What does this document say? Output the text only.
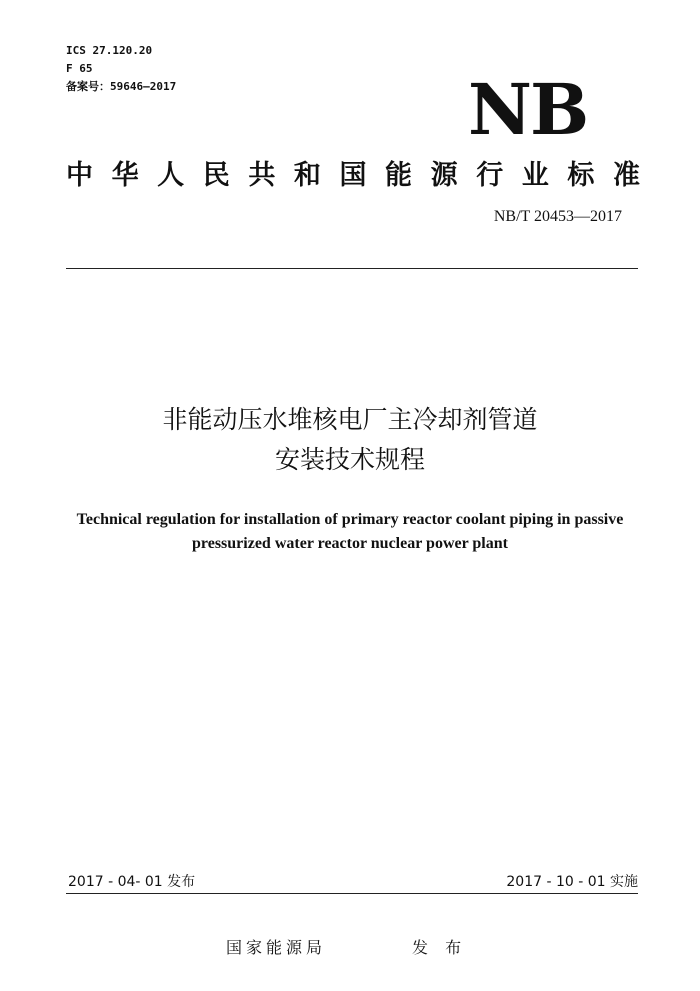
ICS 27.120.20
F 65
备案号：59646—2017	NB
中 华 人 民 共 和 国 能 源 行 业 标 准
NB/T 20453—2017
非能动压水堆核电厂主冷却剂管道
安装技术规程
Technical regulation for installation of primary reactor coolant piping in passive
pressurized water reactor nuclear power plant
2017 - 04- 01 发布	2017 - 10 - 01 实施
国家能源局	发 布
